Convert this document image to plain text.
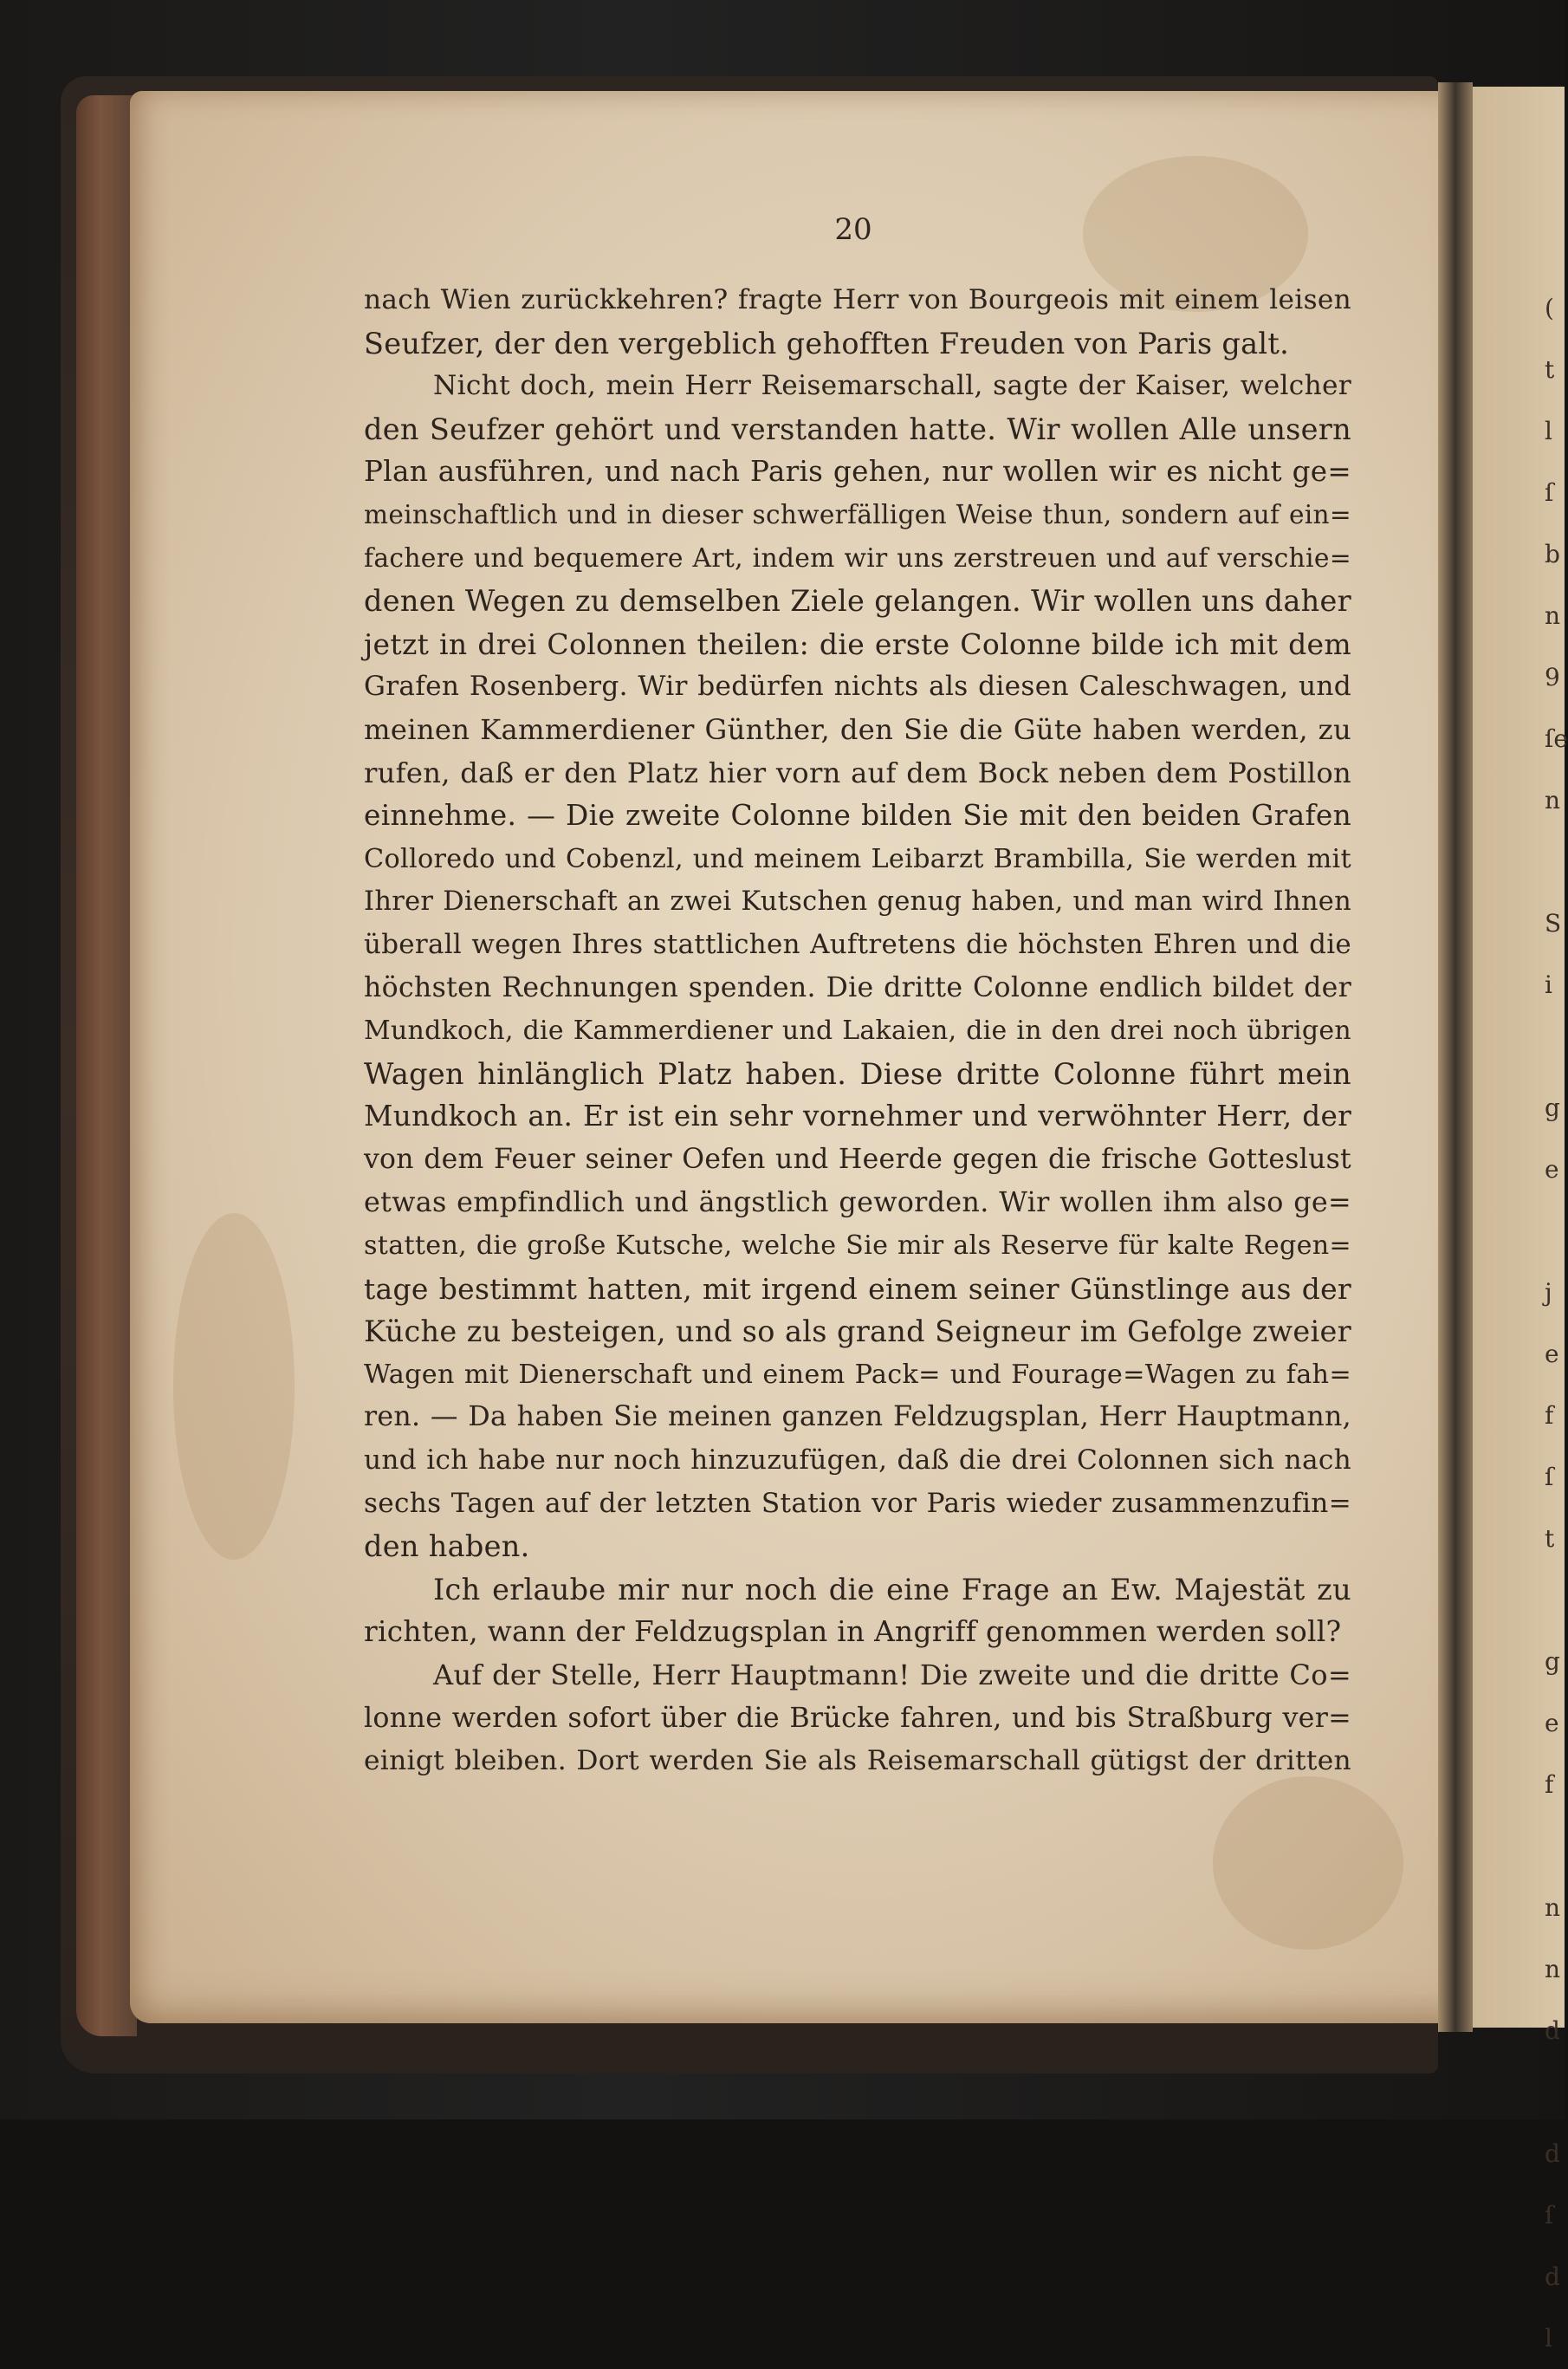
(
t
l
ſ
b
n
9
ſe
n

S
i

g
e

j
e
f
ſ
t

g
e
f

n
n
d

d
ſ
d
l
20
nach Wien zurückkehren? fragte Herr von Bourgeois mit einem leisen
Seufzer, der den vergeblich gehofften Freuden von Paris galt.
Nicht doch, mein Herr Reisemarschall, sagte der Kaiser, welcher
den Seufzer gehört und verstanden hatte. Wir wollen Alle unsern
Plan ausführen, und nach Paris gehen, nur wollen wir es nicht ge=
meinschaftlich und in dieser schwerfälligen Weise thun, sondern auf ein=
fachere und bequemere Art, indem wir uns zerstreuen und auf verschie=
denen Wegen zu demselben Ziele gelangen. Wir wollen uns daher
jetzt in drei Colonnen theilen: die erste Colonne bilde ich mit dem
Grafen Rosenberg. Wir bedürfen nichts als diesen Caleschwagen, und
meinen Kammerdiener Günther, den Sie die Güte haben werden, zu
rufen, daß er den Platz hier vorn auf dem Bock neben dem Postillon
einnehme. — Die zweite Colonne bilden Sie mit den beiden Grafen
Colloredo und Cobenzl, und meinem Leibarzt Brambilla, Sie werden mit
Ihrer Dienerschaft an zwei Kutschen genug haben, und man wird Ihnen
überall wegen Ihres stattlichen Auftretens die höchsten Ehren und die
höchsten Rechnungen spenden. Die dritte Colonne endlich bildet der
Mundkoch, die Kammerdiener und Lakaien, die in den drei noch übrigen
Wagen hinlänglich Platz haben. Diese dritte Colonne führt mein
Mundkoch an. Er ist ein sehr vornehmer und verwöhnter Herr, der
von dem Feuer seiner Oefen und Heerde gegen die frische Gotteslust
etwas empfindlich und ängstlich geworden. Wir wollen ihm also ge=
statten, die große Kutsche, welche Sie mir als Reserve für kalte Regen=
tage bestimmt hatten, mit irgend einem seiner Günstlinge aus der
Küche zu besteigen, und so als grand Seigneur im Gefolge zweier
Wagen mit Dienerschaft und einem Pack= und Fourage=Wagen zu fah=
ren. — Da haben Sie meinen ganzen Feldzugsplan, Herr Hauptmann,
und ich habe nur noch hinzuzufügen, daß die drei Colonnen sich nach
sechs Tagen auf der letzten Station vor Paris wieder zusammenzufin=
den haben.
Ich erlaube mir nur noch die eine Frage an Ew. Majestät zu
richten, wann der Feldzugsplan in Angriff genommen werden soll?
Auf der Stelle, Herr Hauptmann! Die zweite und die dritte Co=
lonne werden sofort über die Brücke fahren, und bis Straßburg ver=
einigt bleiben. Dort werden Sie als Reisemarschall gütigst der dritten
